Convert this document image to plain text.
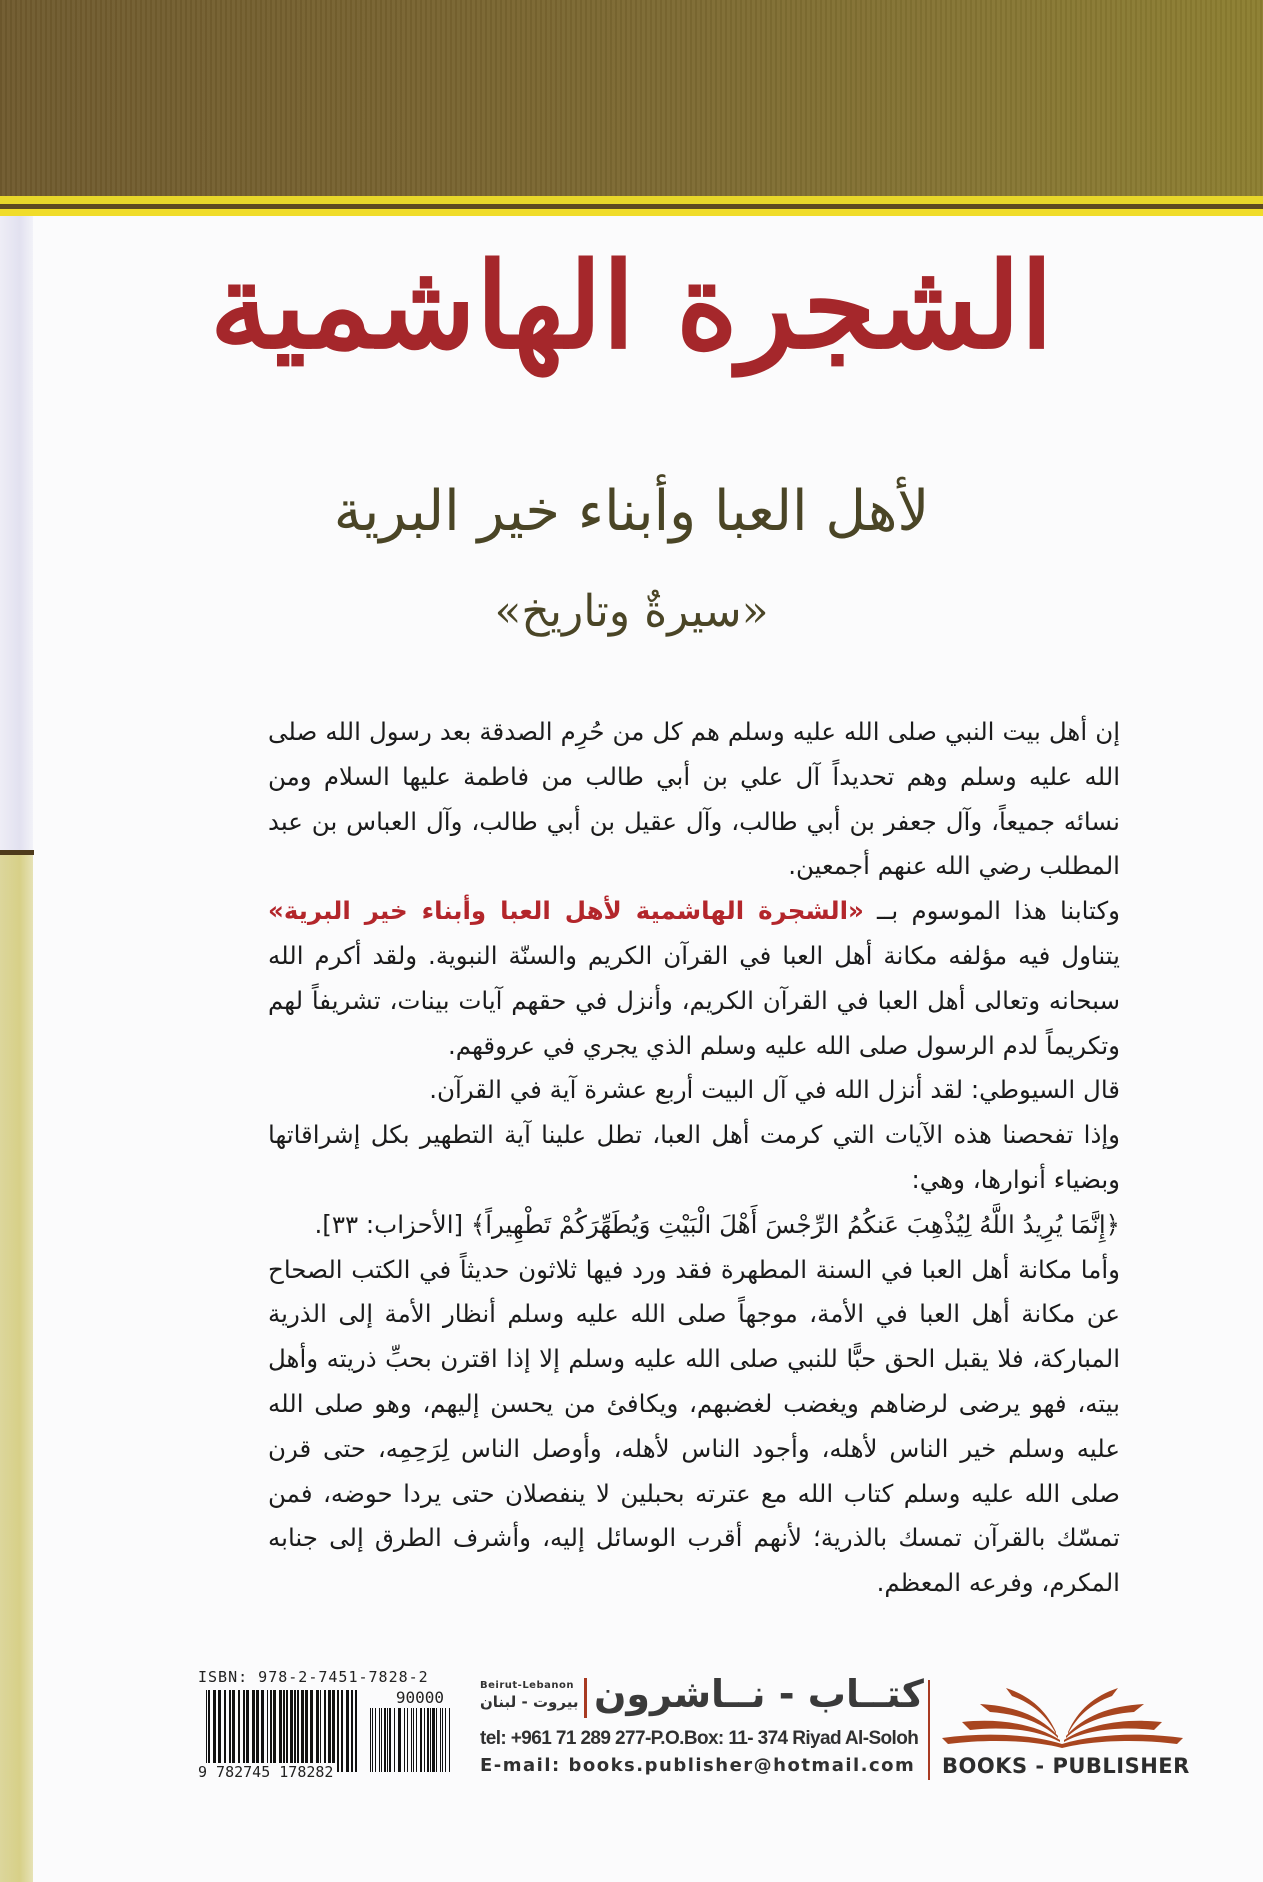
الشجرة الهاشمية
لأهل العبا وأبناء خير البرية
«سيرةٌ وتاريخ»

إن أهل بيت النبي صلى الله عليه وسلم هم كل من حُرِم الصدقة بعد رسول الله صلى الله عليه وسلم وهم تحديداً آل علي بن أبي طالب من فاطمة عليها السلام ومن نسائه جميعاً، وآل جعفر بن أبي طالب، وآل عقيل بن أبي طالب، وآل العباس بن عبد المطلب رضي الله عنهم أجمعين.

وكتابنا هذا الموسوم بــ «الشجرة الهاشمية لأهل العبا وأبناء خير البرية» يتناول فيه مؤلفه مكانة أهل العبا في القرآن الكريم والسنّة النبوية. ولقد أكرم الله سبحانه وتعالى أهل العبا في القرآن الكريم، وأنزل في حقهم آيات بينات، تشريفاً لهم وتكريماً لدم الرسول صلى الله عليه وسلم الذي يجري في عروقهم.

قال السيوطي: لقد أنزل الله في آل البيت أربع عشرة آية في القرآن.

وإذا تفحصنا هذه الآيات التي كرمت أهل العبا، تطل علينا آية التطهير بكل إشراقاتها وبضياء أنوارها، وهي:

﴿إِنَّمَا يُرِيدُ اللَّهُ لِيُذْهِبَ عَنكُمُ الرِّجْسَ أَهْلَ الْبَيْتِ وَيُطَهِّرَكُمْ تَطْهِيراً﴾ [الأحزاب: ٣٣].

وأما مكانة أهل العبا في السنة المطهرة فقد ورد فيها ثلاثون حديثاً في الكتب الصحاح عن مكانة أهل العبا في الأمة، موجهاً صلى الله عليه وسلم أنظار الأمة إلى الذرية المباركة، فلا يقبل الحق حبًّا للنبي صلى الله عليه وسلم إلا إذا اقترن بحبِّ ذريته وأهل بيته، فهو يرضى لرضاهم ويغضب لغضبهم، ويكافئ من يحسن إليهم، وهو صلى الله عليه وسلم خير الناس لأهله، وأجود الناس لأهله، وأوصل الناس لِرَحِمِه، حتى قرن صلى الله عليه وسلم كتاب الله مع عترته بحبلين لا ينفصلان حتى يردا حوضه، فمن تمسّك بالقرآن تمسك بالذرية؛ لأنهم أقرب الوسائل إليه، وأشرف الطرق إلى جنابه المكرم، وفرعه المعظم.

ISBN: 978-2-7451-7828-2
90000
9 782745 178282
Beirut-Lebanon
بيروت - لبنان كتــاب - نــاشرون
tel: +961 71 289 277-P.O.Box: 11- 374 Riyad Al-Soloh
E-mail: books.publisher@hotmail.com BOOKS - PUBLISHER
